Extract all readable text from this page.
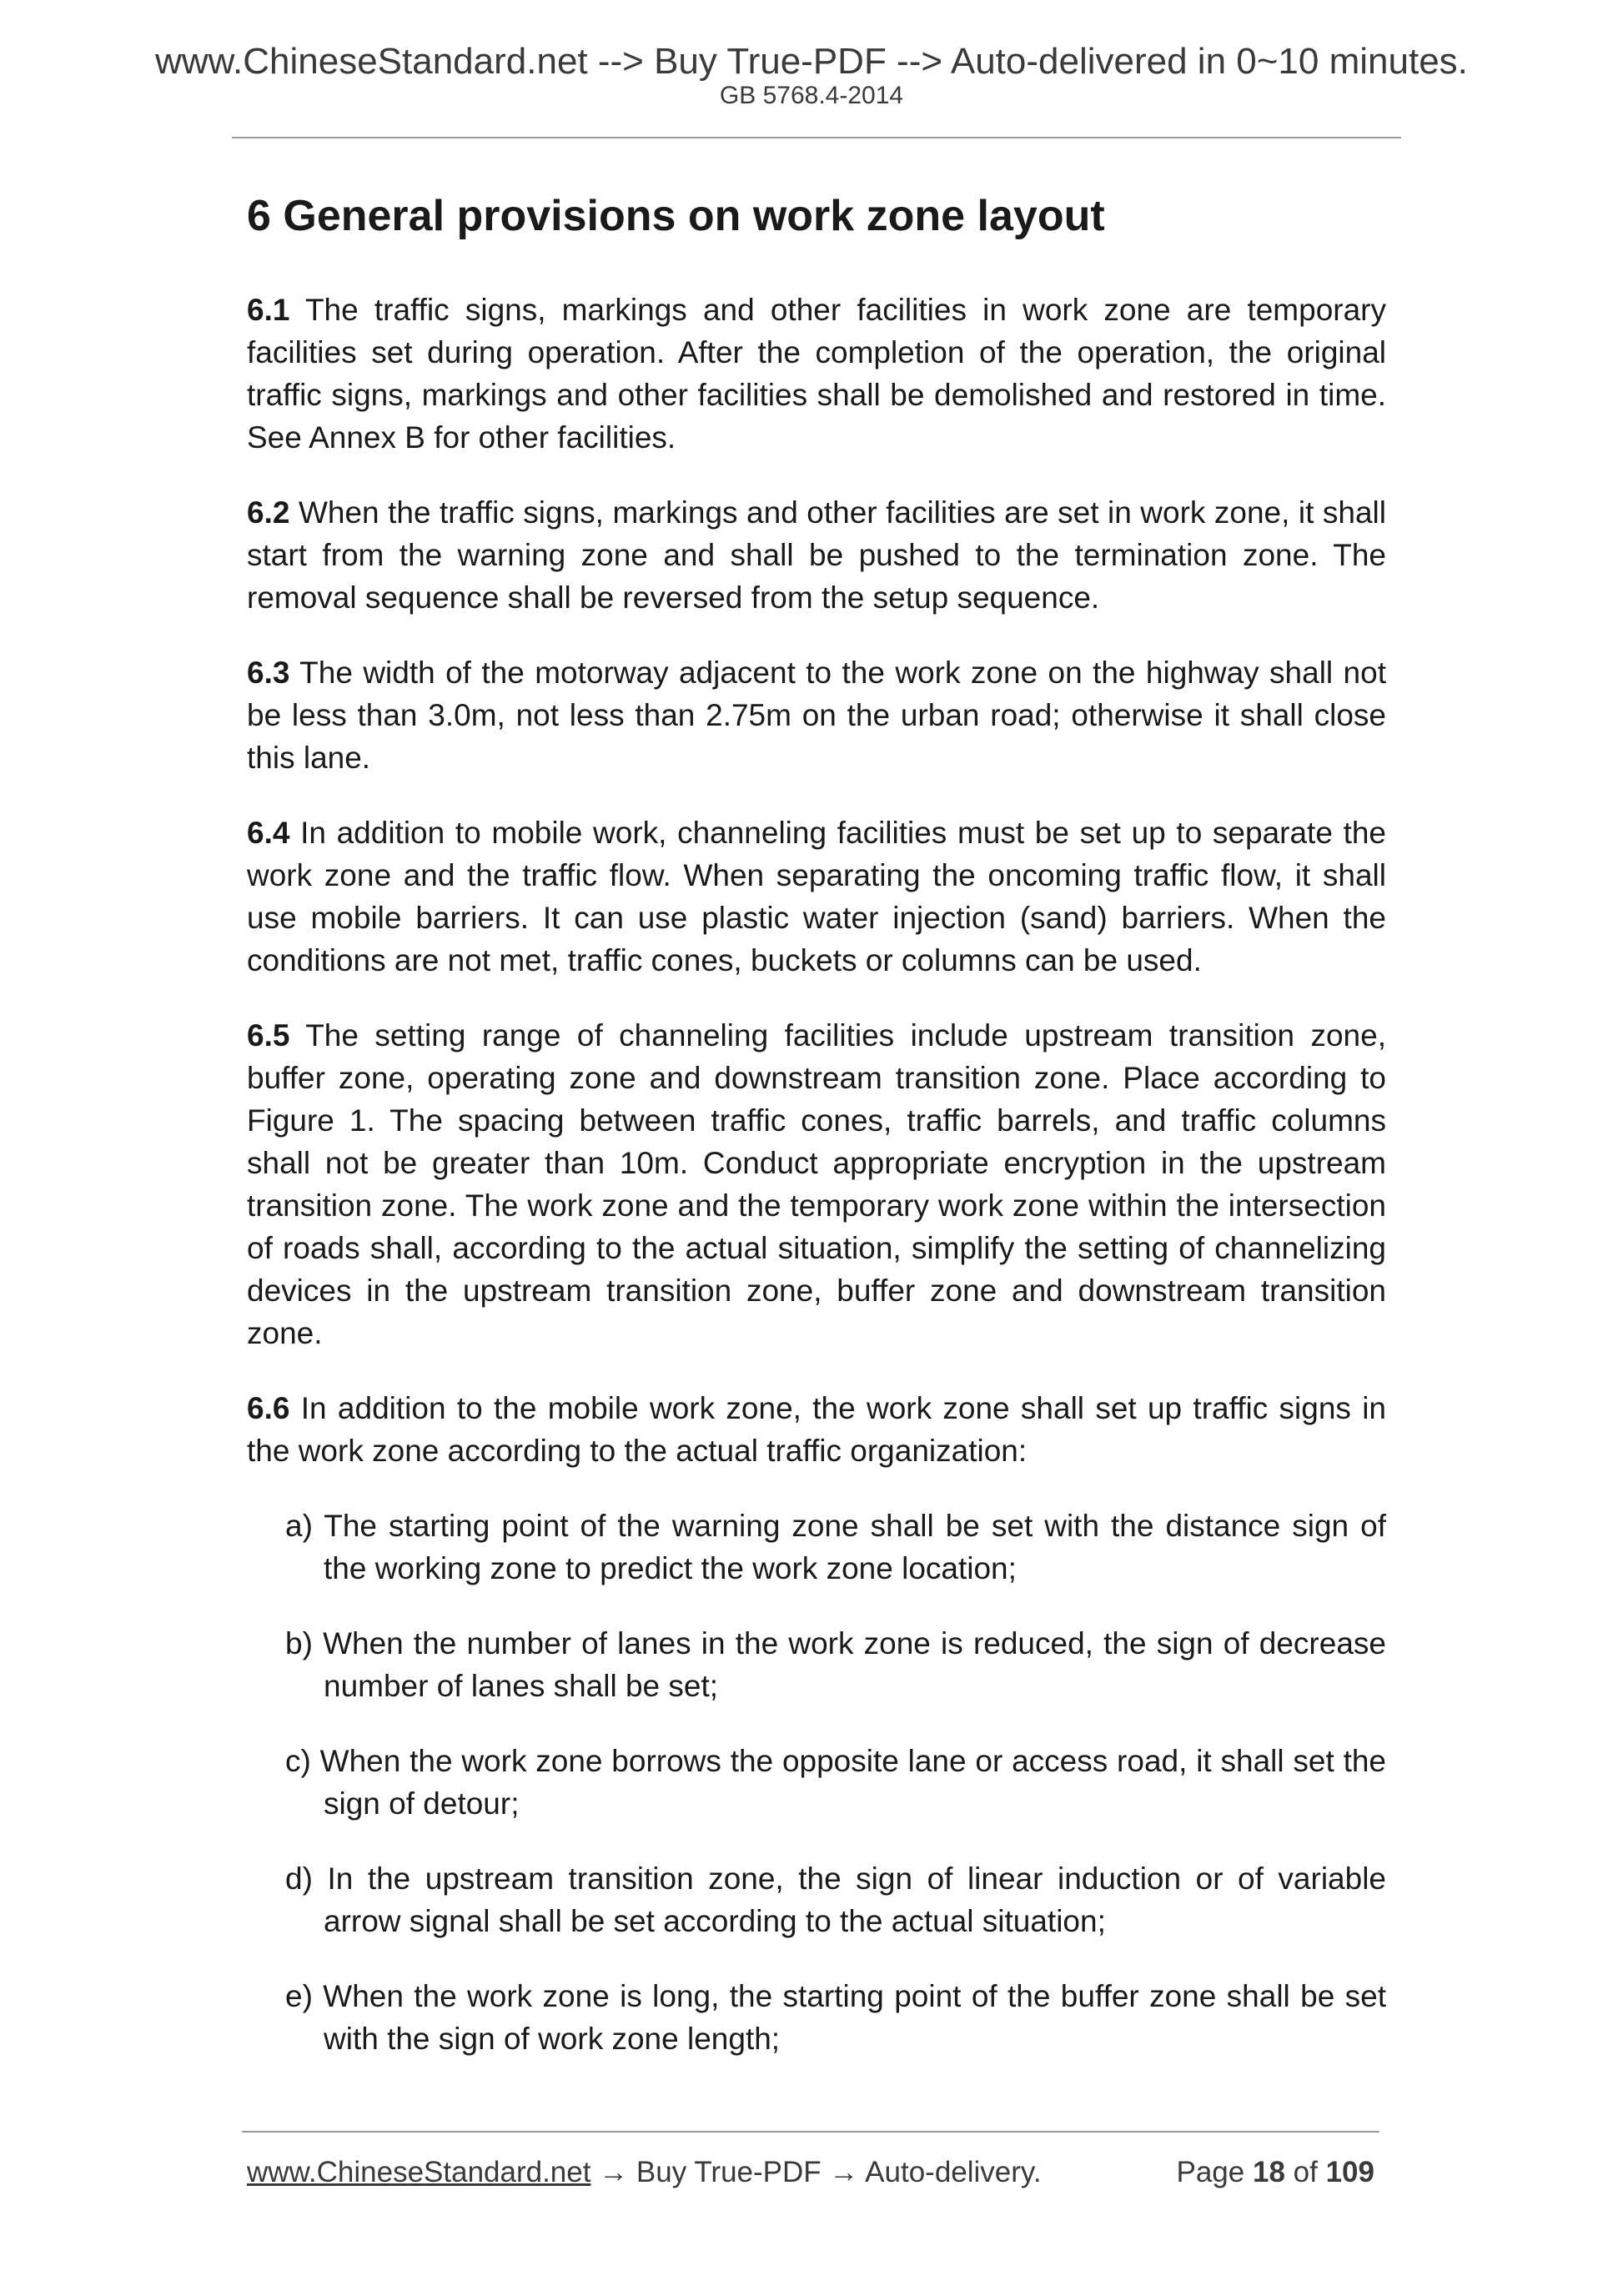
www.ChineseStandard.net --> Buy True-PDF --> Auto-delivered in 0~10 minutes.
GB 5768.4-2014
6 General provisions on work zone layout

6.1 The traffic signs, markings and other facilities in work zone are temporary facilities set during operation. After the completion of the operation, the original traffic signs, markings and other facilities shall be demolished and restored in time. See Annex B for other facilities.

6.2 When the traffic signs, markings and other facilities are set in work zone, it shall start from the warning zone and shall be pushed to the termination zone. The removal sequence shall be reversed from the setup sequence.

6.3 The width of the motorway adjacent to the work zone on the highway shall not be less than 3.0m, not less than 2.75m on the urban road; otherwise it shall close this lane.

6.4 In addition to mobile work, channeling facilities must be set up to separate the work zone and the traffic flow. When separating the oncoming traffic flow, it shall use mobile barriers. It can use plastic water injection (sand) barriers. When the conditions are not met, traffic cones, buckets or columns can be used.

6.5 The setting range of channeling facilities include upstream transition zone, buffer zone, operating zone and downstream transition zone. Place according to Figure 1. The spacing between traffic cones, traffic barrels, and traffic columns shall not be greater than 10m. Conduct appropriate encryption in the upstream transition zone. The work zone and the temporary work zone within the intersection of roads shall, according to the actual situation, simplify the setting of channelizing devices in the upstream transition zone, buffer zone and downstream transition zone.

6.6 In addition to the mobile work zone, the work zone shall set up traffic signs in the work zone according to the actual traffic organization:

a) The starting point of the warning zone shall be set with the distance sign of the working zone to predict the work zone location;
b) When the number of lanes in the work zone is reduced, the sign of decrease number of lanes shall be set;
c) When the work zone borrows the opposite lane or access road, it shall set the sign of detour;
d) In the upstream transition zone, the sign of linear induction or of variable arrow signal shall be set according to the actual situation;
e) When the work zone is long, the starting point of the buffer zone shall be set with the sign of work zone length;
www.ChineseStandard.net → Buy True-PDF → Auto-delivery.	Page 18 of 109
